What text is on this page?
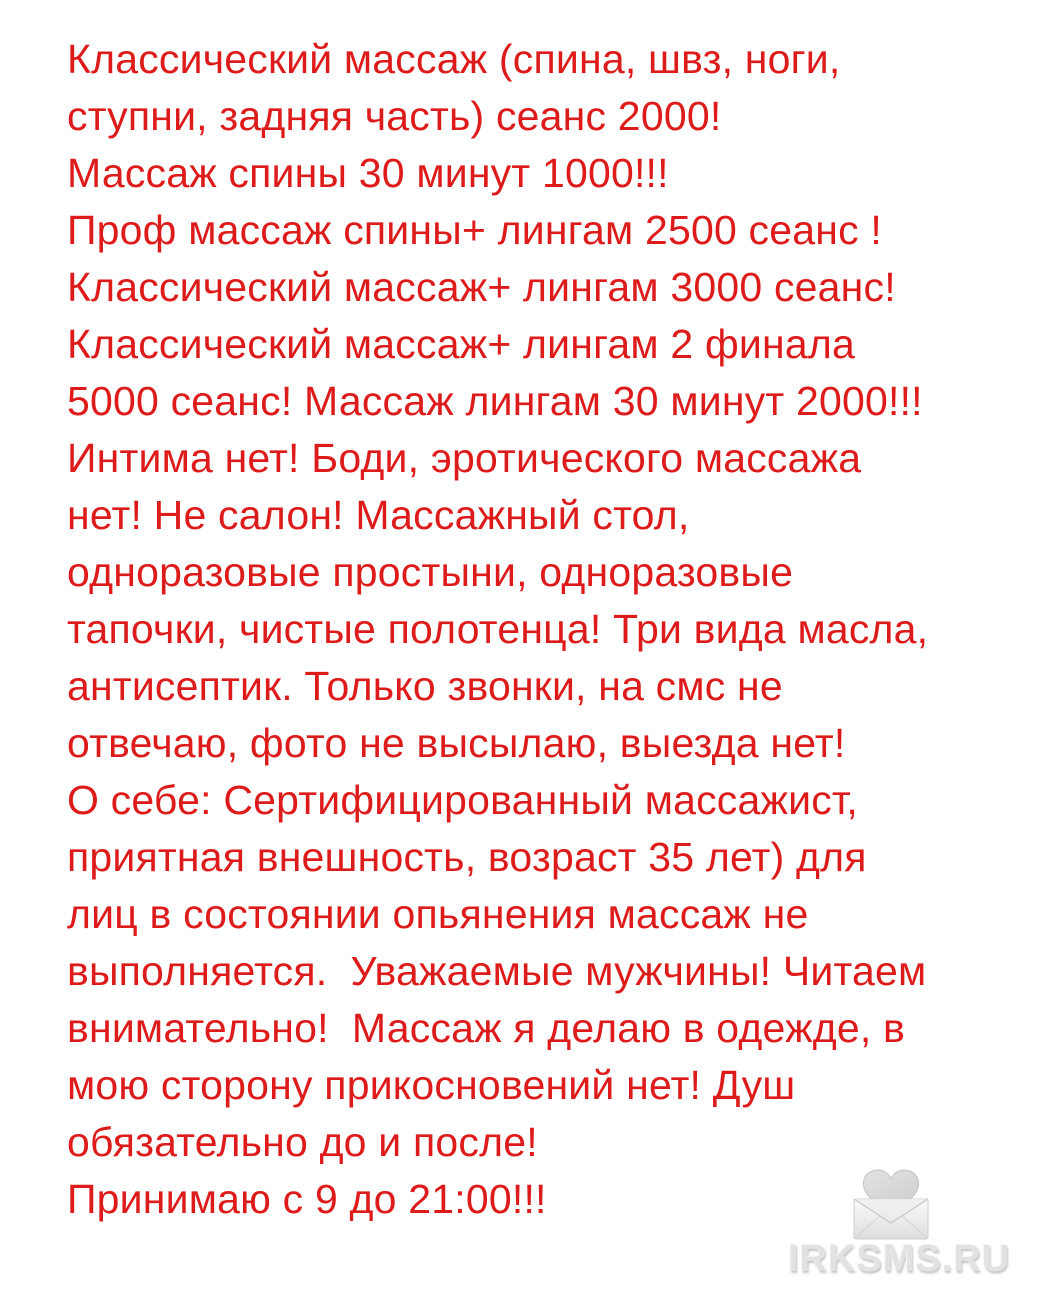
Классический массаж (спина, швз, ноги,
ступни, задняя часть) сеанс 2000!
Массаж спины 30 минут 1000!!!
Проф массаж спины+ лингам 2500 сеанс !
Классический массаж+ лингам 3000 сеанс!
Классический массаж+ лингам 2 финала
5000 сеанс! Массаж лингам 30 минут 2000!!!
Интима нет! Боди, эротического массажа
нет! Не салон! Массажный стол,
одноразовые простыни, одноразовые
тапочки, чистые полотенца! Три вида масла,
антисептик. Только звонки, на смс не
отвечаю, фото не высылаю, выезда нет!
О себе: Сертифицированный массажист,
приятная внешность, возраст 35 лет) для
лиц в состоянии опьянения массаж не
выполняется.  Уважаемые мужчины! Читаем
внимательно!  Массаж я делаю в одежде, в
мою сторону прикосновений нет! Душ
обязательно до и после!
Принимаю с 9 до 21:00!!!
IRKSMS.RU
